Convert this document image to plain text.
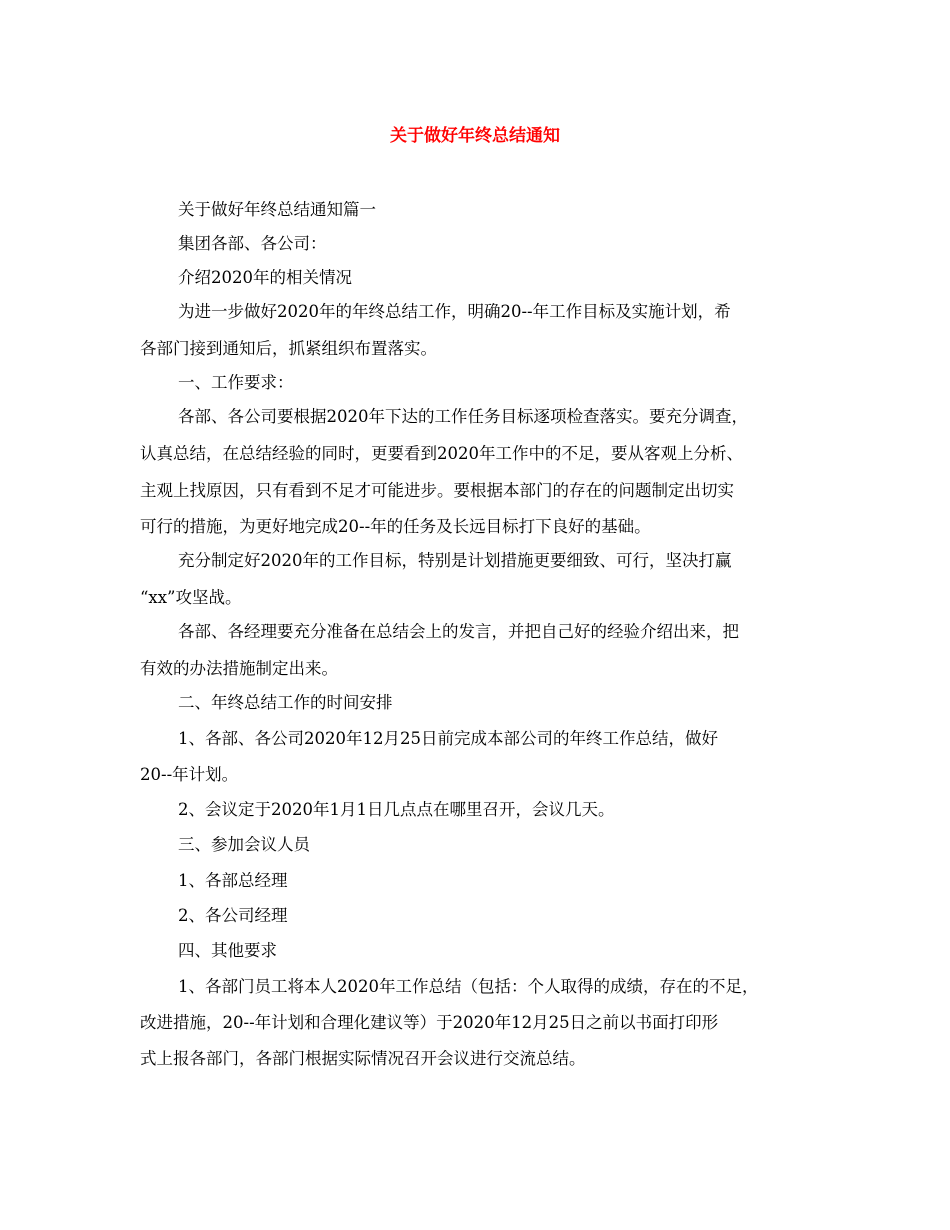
关于做好年终总结通知

关于做好年终总结通知篇一

集团各部、各公司：

介绍2020年的相关情况

为进一步做好2020年的年终总结工作，明确20--年工作目标及实施计划，希

各部门接到通知后，抓紧组织布置落实。

一、工作要求：

各部、各公司要根据2020年下达的工作任务目标逐项检查落实。要充分调查，

认真总结，在总结经验的同时，更要看到2020年工作中的不足，要从客观上分析、

主观上找原因，只有看到不足才可能进步。要根据本部门的存在的问题制定出切实

可行的措施，为更好地完成20--年的任务及长远目标打下良好的基础。

充分制定好2020年的工作目标，特别是计划措施更要细致、可行，坚决打赢

“xx”攻坚战。

各部、各经理要充分准备在总结会上的发言，并把自己好的经验介绍出来，把

有效的办法措施制定出来。

二、年终总结工作的时间安排

1、各部、各公司2020年12月25日前完成本部公司的年终工作总结，做好

20--年计划。

2、会议定于2020年1月1日几点点在哪里召开，会议几天。

三、参加会议人员

1、各部总经理

2、各公司经理

四、其他要求

1、各部门员工将本人2020年工作总结（包括：个人取得的成绩，存在的不足，

改进措施，20--年计划和合理化建议等）于2020年12月25日之前以书面打印形

式上报各部门，各部门根据实际情况召开会议进行交流总结。
